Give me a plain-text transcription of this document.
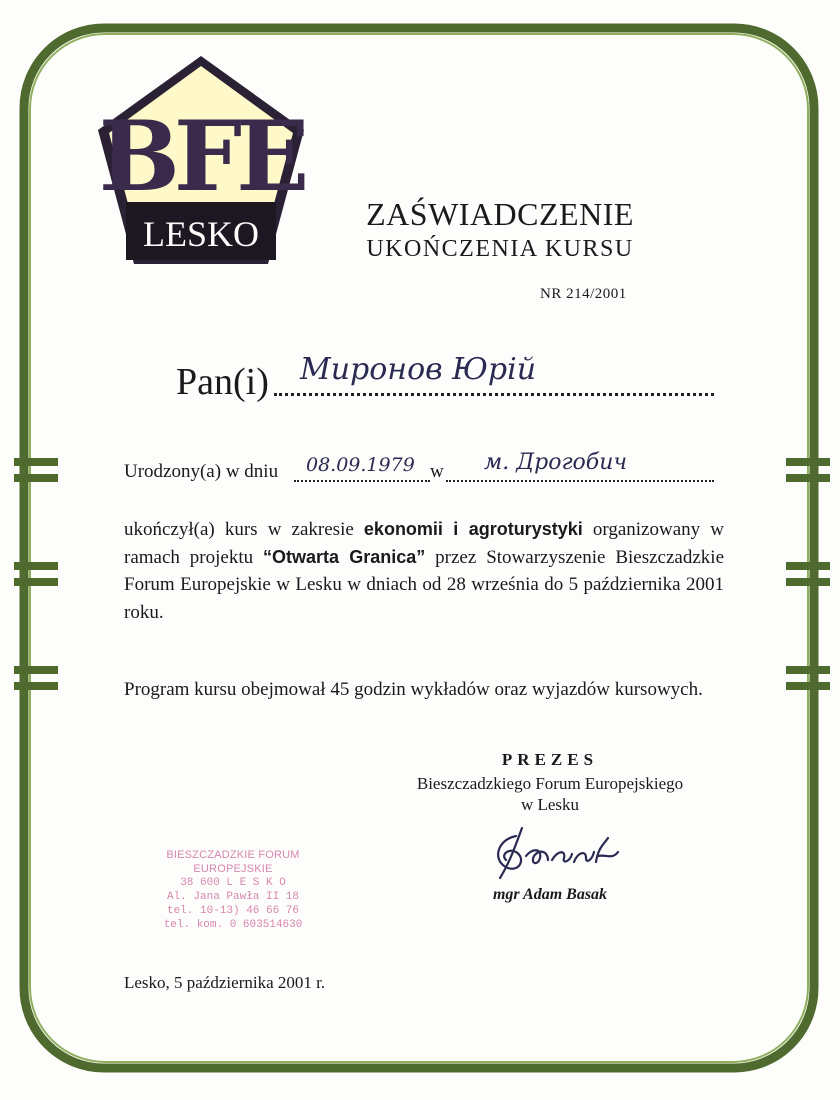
BFE
LESKO	ZAŚWIADCZENIE
UKOŃCZENIA KURSU
NR 214/2001
Pan(i) Миронов Юрій
Urodzony(a) w dniu 08.09.1979 w м. Дрогобич
ukończył(a) kurs w zakresie ekonomii i agroturystyki organizowany w ramach projektu “Otwarta Granica” przez Stowarzyszenie Bieszczadzkie Forum Europejskie w Lesku w dniach od 28 września do 5 października 2001 roku.
Program kursu obejmował 45 godzin wykładów oraz wyjazdów kursowych.
PREZES
Bieszczadzkiego Forum Europejskiego
w Lesku
mgr Adam Basak
BIESZCZADZKIE FORUM EUROPEJSKIE
38 600 L E S K O
Al. Jana Pawła II 18
tel. 10-13) 46 66 76
tel. kom. 0 603514630
Lesko, 5 października 2001 r.
